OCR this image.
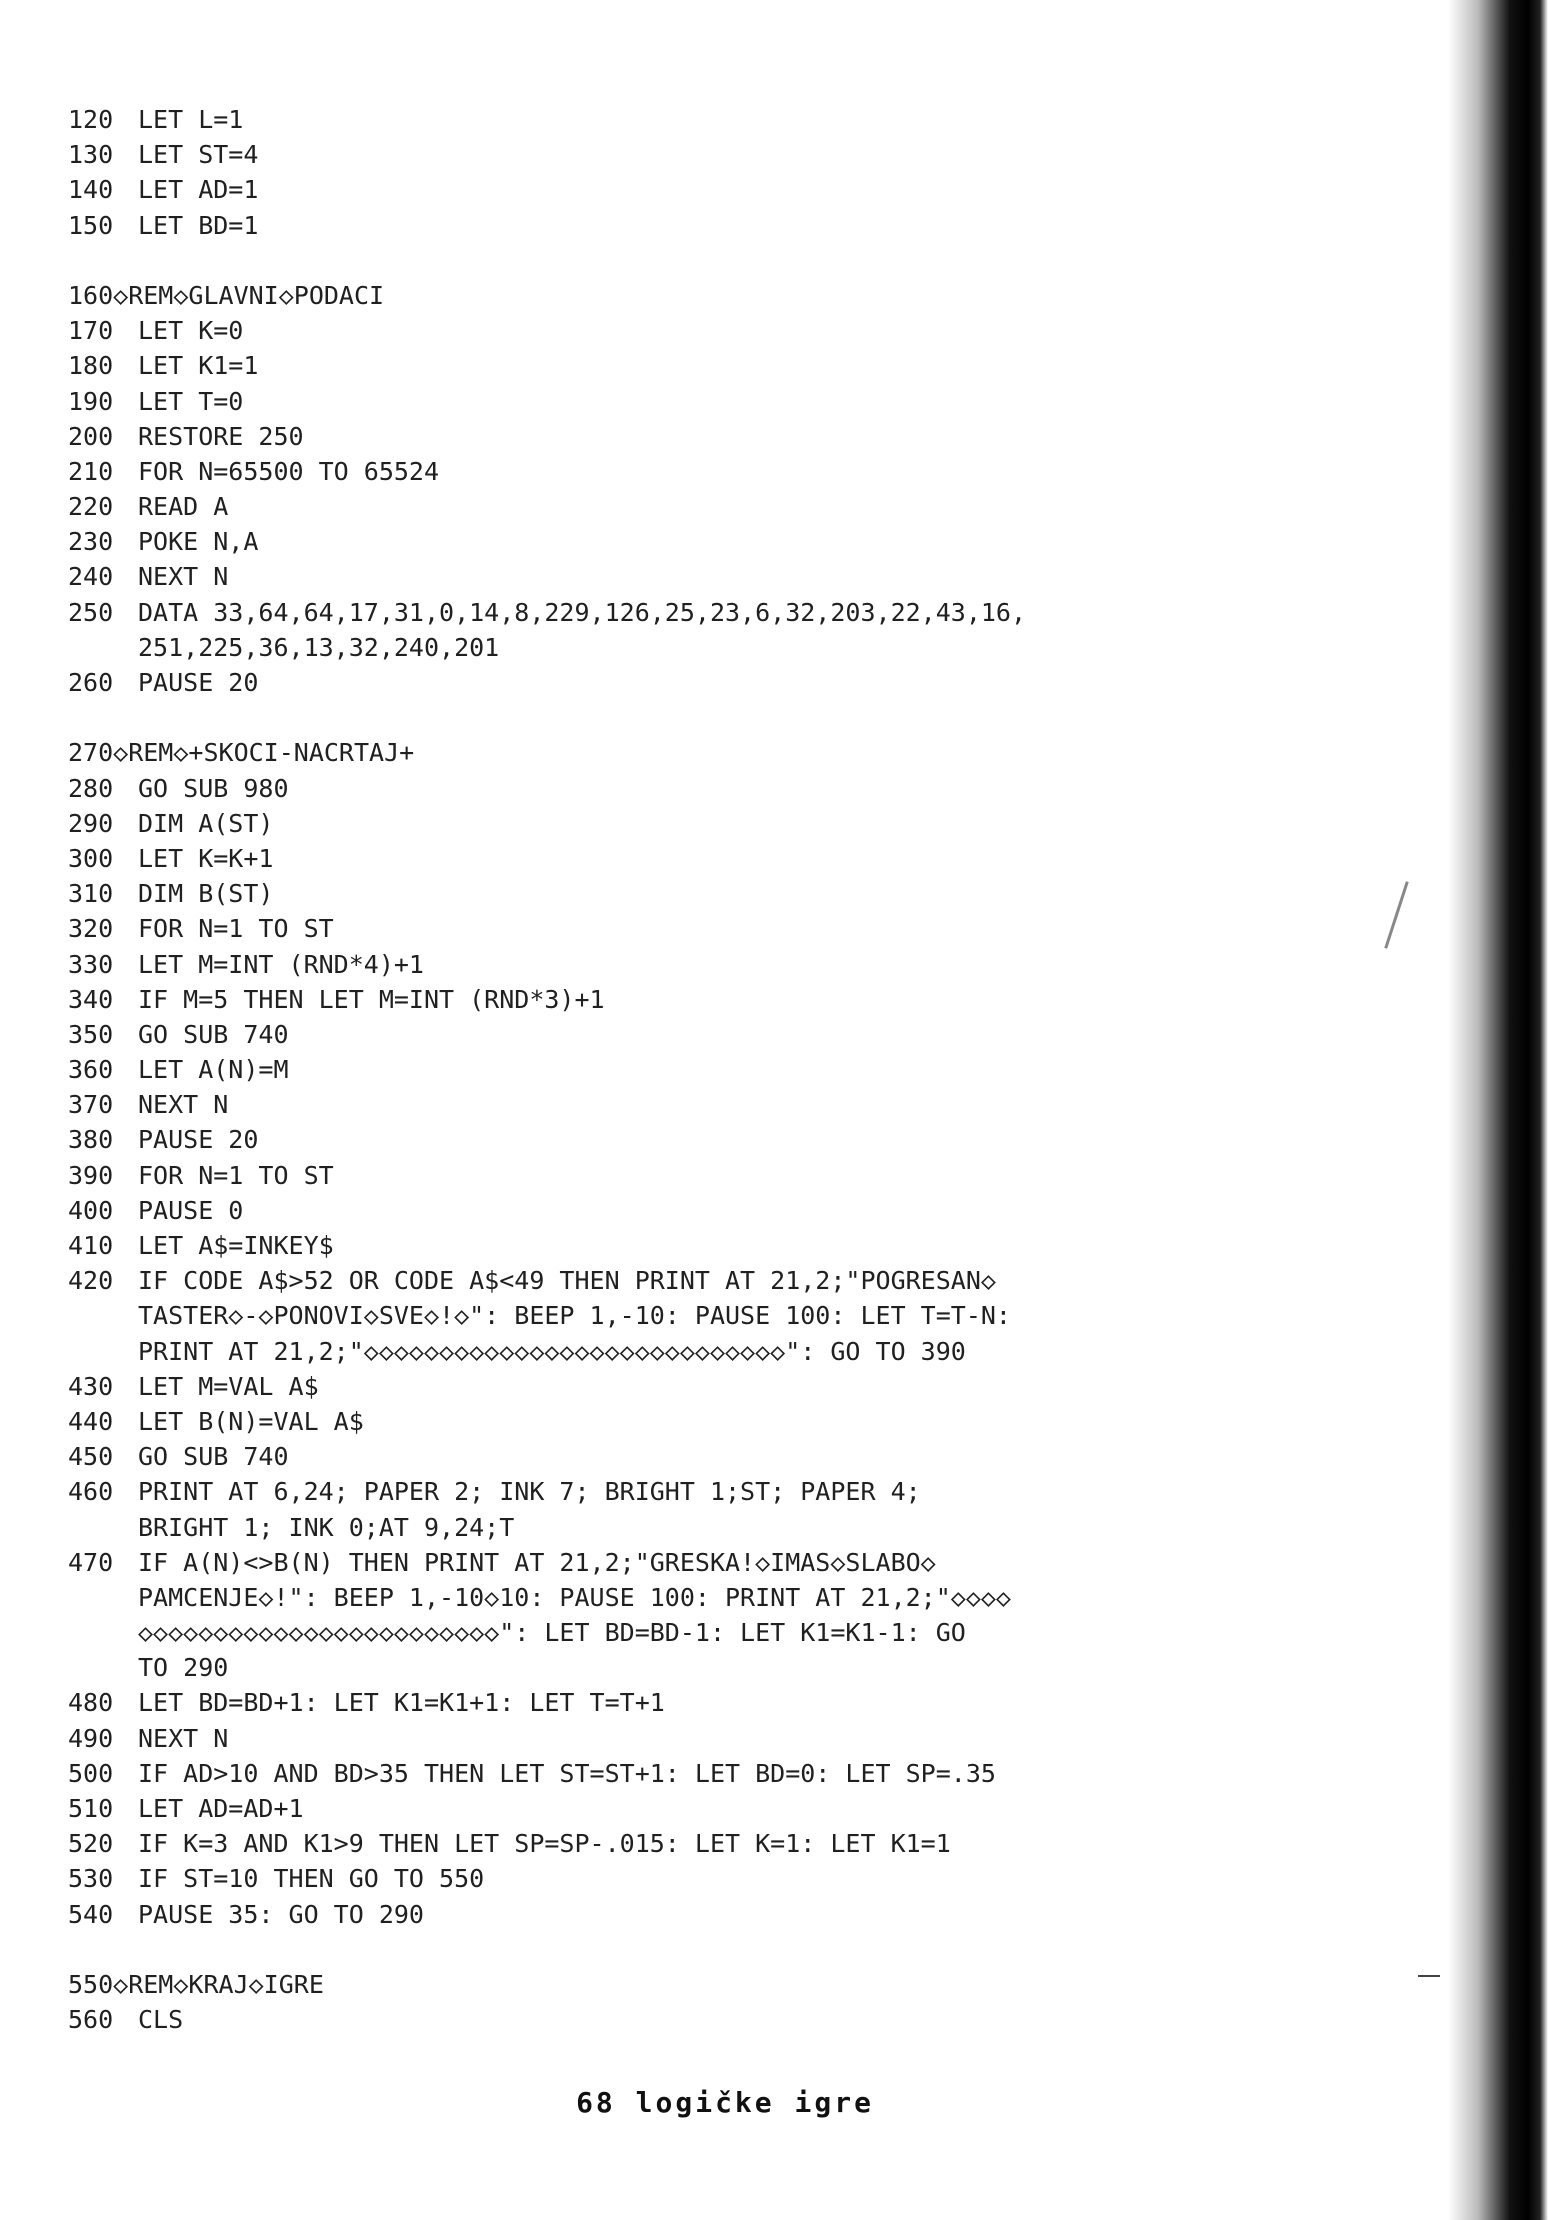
120 LET L=1
130 LET ST=4
140 LET AD=1
150 LET BD=1
160◇REM◇GLAVNI◇PODACI
170 LET K=0
180 LET K1=1
190 LET T=0
200 RESTORE 250
210 FOR N=65500 TO 65524
220 READ A
230 POKE N,A
240 NEXT N
250 DATA 33,64,64,17,31,0,14,8,229,126,25,23,6,32,203,22,43,16,
251,225,36,13,32,240,201
260 PAUSE 20
270◇REM◇+SKOCI-NACRTAJ+
280 GO SUB 980
290 DIM A(ST)
300 LET K=K+1
310 DIM B(ST)
320 FOR N=1 TO ST
330 LET M=INT (RND*4)+1
340 IF M=5 THEN LET M=INT (RND*3)+1
350 GO SUB 740
360 LET A(N)=M
370 NEXT N
380 PAUSE 20
390 FOR N=1 TO ST
400 PAUSE 0
410 LET A$=INKEY$
420 IF CODE A$>52 OR CODE A$<49 THEN PRINT AT 21,2;"POGRESAN◇
TASTER◇-◇PONOVI◇SVE◇!◇": BEEP 1,-10: PAUSE 100: LET T=T-N:
PRINT AT 21,2;"◇◇◇◇◇◇◇◇◇◇◇◇◇◇◇◇◇◇◇◇◇◇◇◇◇◇◇◇": GO TO 390
430 LET M=VAL A$
440 LET B(N)=VAL A$
450 GO SUB 740
460 PRINT AT 6,24; PAPER 2; INK 7; BRIGHT 1;ST; PAPER 4;
BRIGHT 1; INK 0;AT 9,24;T
470 IF A(N)<>B(N) THEN PRINT AT 21,2;"GRESKA!◇IMAS◇SLABO◇
PAMCENJE◇!": BEEP 1,-10◇10: PAUSE 100: PRINT AT 21,2;"◇◇◇◇
◇◇◇◇◇◇◇◇◇◇◇◇◇◇◇◇◇◇◇◇◇◇◇◇": LET BD=BD-1: LET K1=K1-1: GO
TO 290
480 LET BD=BD+1: LET K1=K1+1: LET T=T+1
490 NEXT N
500 IF AD>10 AND BD>35 THEN LET ST=ST+1: LET BD=0: LET SP=.35
510 LET AD=AD+1
520 IF K=3 AND K1>9 THEN LET SP=SP-.015: LET K=1: LET K1=1
530 IF ST=10 THEN GO TO 550
540 PAUSE 35: GO TO 290
550◇REM◇KRAJ◇IGRE
560 CLS
68 logičke igre
